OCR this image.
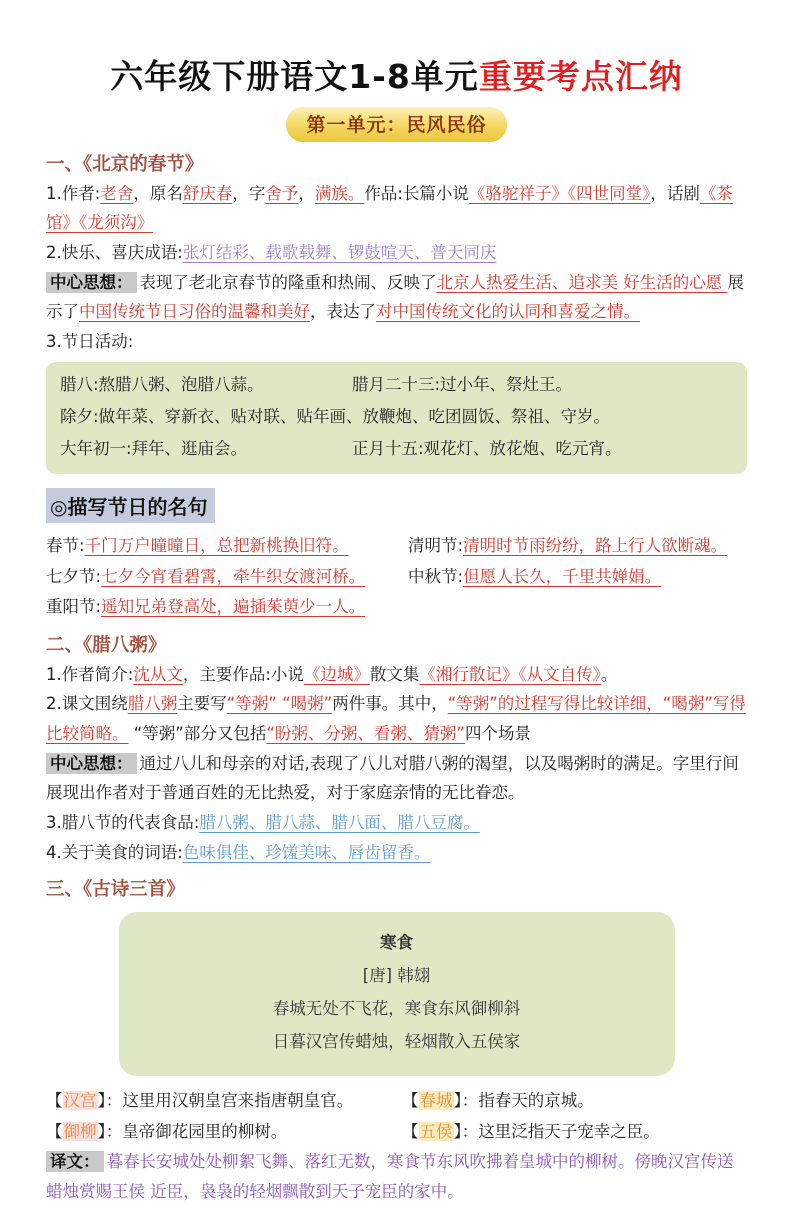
六年级下册语文1-8单元重要考点汇纳
第一单元：民风民俗
一、《北京的春节》
1.作者:老舍，原名舒庆春，字舍予，满族。作品:长篇小说《骆驼祥子》《四世同堂》，话剧《茶馆》《龙须沟》
2.快乐、喜庆成语:张灯结彩、载歌载舞、锣鼓喧天、普天同庆
中心思想： 表现了老北京春节的隆重和热闹、反映了北京人热爱生活、追求美 好生活的心愿 展示了中国传统节日习俗的温馨和美好，表达了对中国传统文化的认同和喜爱之情。
3.节日活动:
腊八:熬腊八粥、泡腊八蒜。	腊月二十三:过小年、祭灶王。
除夕:做年菜、穿新衣、贴对联、贴年画、放鞭炮、吃团圆饭、祭祖、守岁。
大年初一:拜年、逛庙会。	正月十五:观花灯、放花炮、吃元宵。
◎描写节日的名句
春节:千门万户曈曈日，总把新桃换旧符。	清明节:清明时节雨纷纷，路上行人欲断魂。
七夕节:七夕今宵看碧霄，牵牛织女渡河桥。	中秋节:但愿人长久，千里共婵娟。
重阳节:遥知兄弟登高处，遍插茱萸少一人。
二、《腊八粥》
1.作者简介:沈从文，主要作品:小说《边城》散文集《湘行散记》《从文自传》。
2.课文围绕腊八粥主要写“等粥” “喝粥”两件事。其中，“等粥”的过程写得比较详细，“喝粥”写得比较简略。 “等粥”部分又包括“盼粥、分粥、看粥、猜粥”四个场景
中心思想： 通过八儿和母亲的对话,表现了八儿对腊八粥的渴望，以及喝粥时的满足。字里行间展现出作者对于普通百姓的无比热爱，对于家庭亲情的无比眷恋。
3.腊八节的代表食品:腊八粥、腊八蒜、腊八面、腊八豆腐。
4.关于美食的词语:色味俱佳、珍馐美味、唇齿留香。
三、《古诗三首》
寒食
[唐] 韩翃
春城无处不飞花，寒食东风御柳斜
日暮汉宫传蜡烛，轻烟散入五侯家
【汉宫】：这里用汉朝皇宫来指唐朝皇官。	【春城】：指春天的京城。
【御柳】：皇帝御花园里的柳树。	【五侯】：这里泛指天子宠幸之臣。
译文： 暮春长安城处处柳絮飞舞、落红无数，寒食节东风吹拂着皇城中的柳树。傍晚汉宫传送蜡烛赏赐王侯 近臣，袅袅的轻烟飘散到天子宠臣的家中。
